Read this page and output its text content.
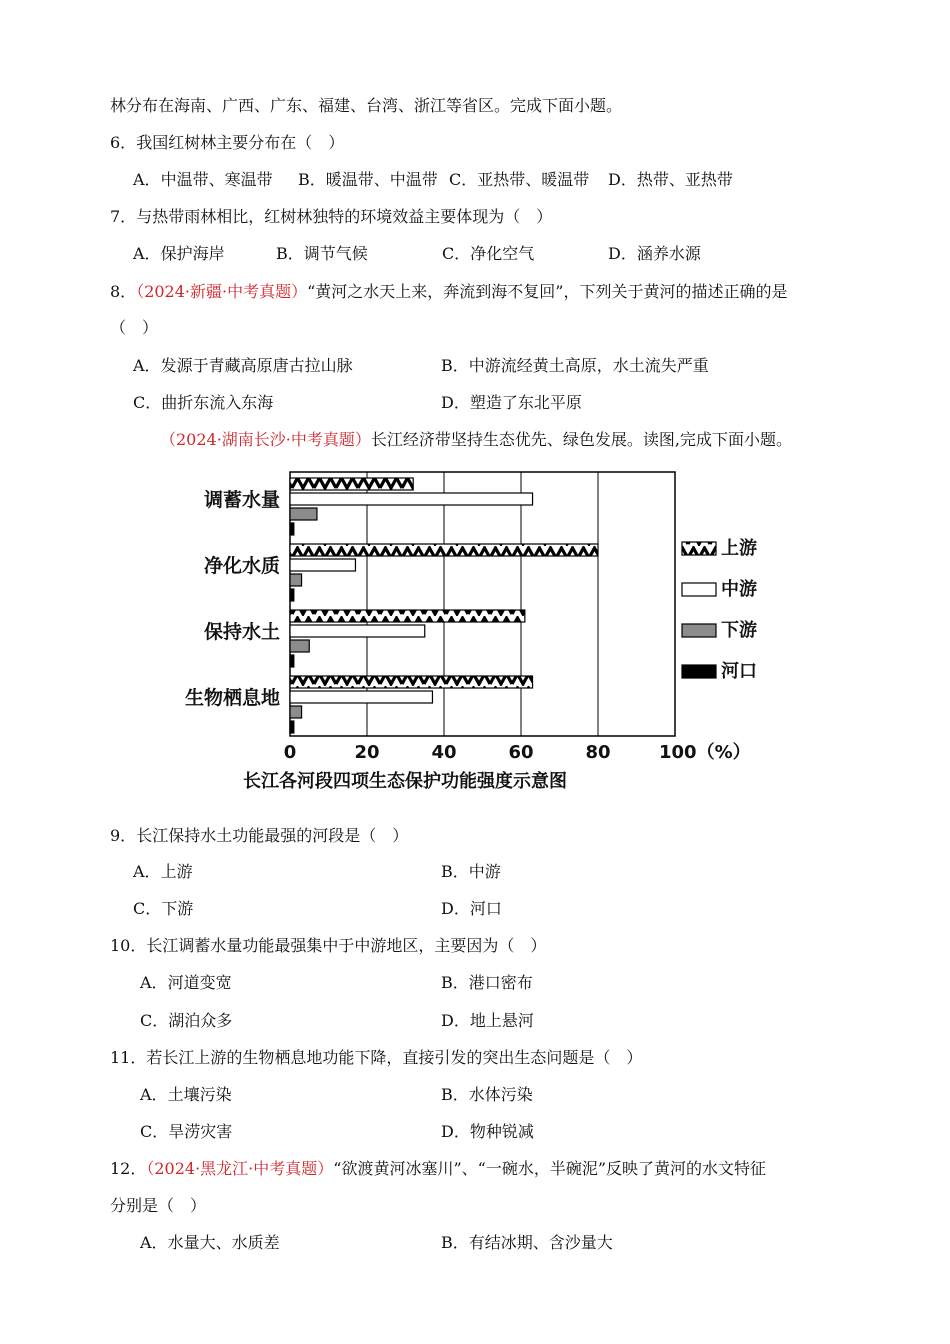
林分布在海南、广西、广东、福建、台湾、浙江等省区。完成下面小题。
6．我国红树林主要分布在（　）
A．中温带、寒温带 B．暖温带、中温带 C．亚热带、暖温带 D．热带、亚热带
7．与热带雨林相比，红树林独特的环境效益主要体现为（　）
A．保护海岸	B．调节气候	C．净化空气	D．涵养水源
8．（2024·新疆·中考真题）“黄河之水天上来，奔流到海不复回”，下列关于黄河的描述正确的是
（　）
A．发源于青藏高原唐古拉山脉	B．中游流经黄土高原，水土流失严重
C．曲折东流入东海	D．塑造了东北平原
（2024·湖南长沙·中考真题）长江经济带坚持生态优先、绿色发展。读图,完成下面小题。
调蓄水量
净化水质
保持水土
生物栖息地
0	20	40	60	80	100（%）
上游
中游
下游
河口
长江各河段四项生态保护功能强度示意图
9．长江保持水土功能最强的河段是（　）
A．上游	B．中游
C．下游	D．河口
10．长江调蓄水量功能最强集中于中游地区，主要因为（　）
A．河道变宽	B．港口密布
C．湖泊众多	D．地上悬河
11．若长江上游的生物栖息地功能下降，直接引发的突出生态问题是（　）
A．土壤污染	B．水体污染
C．旱涝灾害	D．物种锐减
12．（2024·黑龙江·中考真题）“欲渡黄河冰塞川”、“一碗水，半碗泥”反映了黄河的水文特征
分别是（　）
A．水量大、水质差	B．有结冰期、含沙量大
